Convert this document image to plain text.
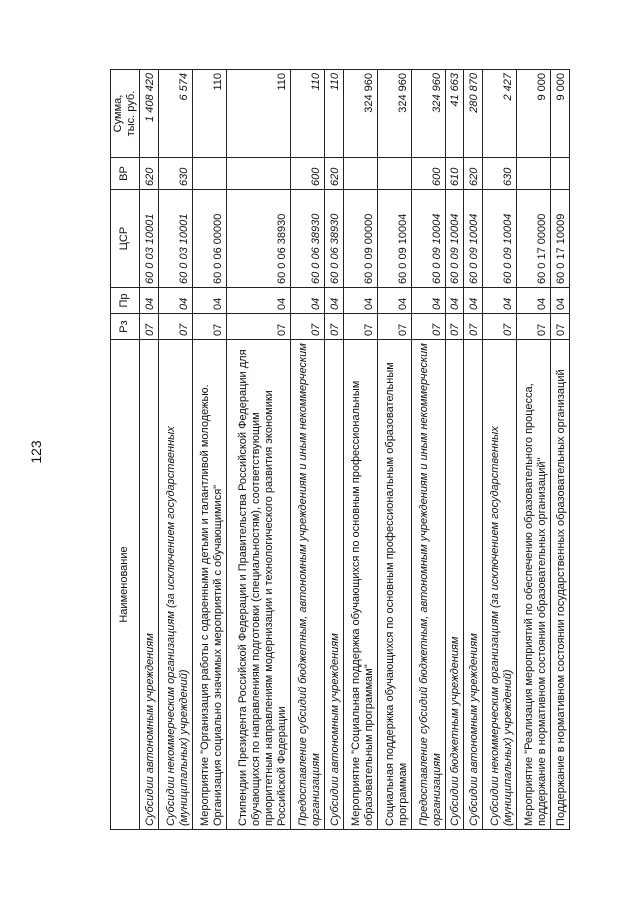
123
Наименование	Рз	Пр	ЦСР	ВР	Сумма,
тыс. руб.
Субсидии автономным учреждениям	07	04	60 0 03 10001	620	1 408 420
Субсидии некоммерческим организациям (за исключением государственных (муниципальных) учреждений)	07	04	60 0 03 10001	630	6 574
Мероприятие "Организация работы с одаренными детьми и талантливой молодежью. Организация социально значимых мероприятий с обучающимися"	07	04	60 0 06 00000		110
Стипендии Президента Российской Федерации и Правительства Российской Федерации для обучающихся по направлениям подготовки (специальностям), соответствующим приоритетным направлениям модернизации и технологического развития экономики Российской Федерации	07	04	60 0 06 38930		110
Предоставление субсидий бюджетным, автономным учреждениям и иным некоммерческим организациям	07	04	60 0 06 38930	600	110
Субсидии автономным учреждениям	07	04	60 0 06 38930	620	110
Мероприятие "Социальная поддержка обучающихся по основным профессиональным образовательным программам"	07	04	60 0 09 00000		324 960
Социальная поддержка обучающихся по основным профессиональным образовательным программам	07	04	60 0 09 10004		324 960
Предоставление субсидий бюджетным, автономным учреждениям и иным некоммерческим организациям	07	04	60 0 09 10004	600	324 960
Субсидии бюджетным учреждениям	07	04	60 0 09 10004	610	41 663
Субсидии автономным учреждениям	07	04	60 0 09 10004	620	280 870
Субсидии некоммерческим организациям (за исключением государственных (муниципальных) учреждений)	07	04	60 0 09 10004	630	2 427
Мероприятие "Реализация мероприятий по обеспечению образовательного процесса, поддержание в нормативном состоянии образовательных организаций"	07	04	60 0 17 00000		9 000
Поддержание в нормативном состоянии государственных образовательных организаций	07	04	60 0 17 10009		9 000
